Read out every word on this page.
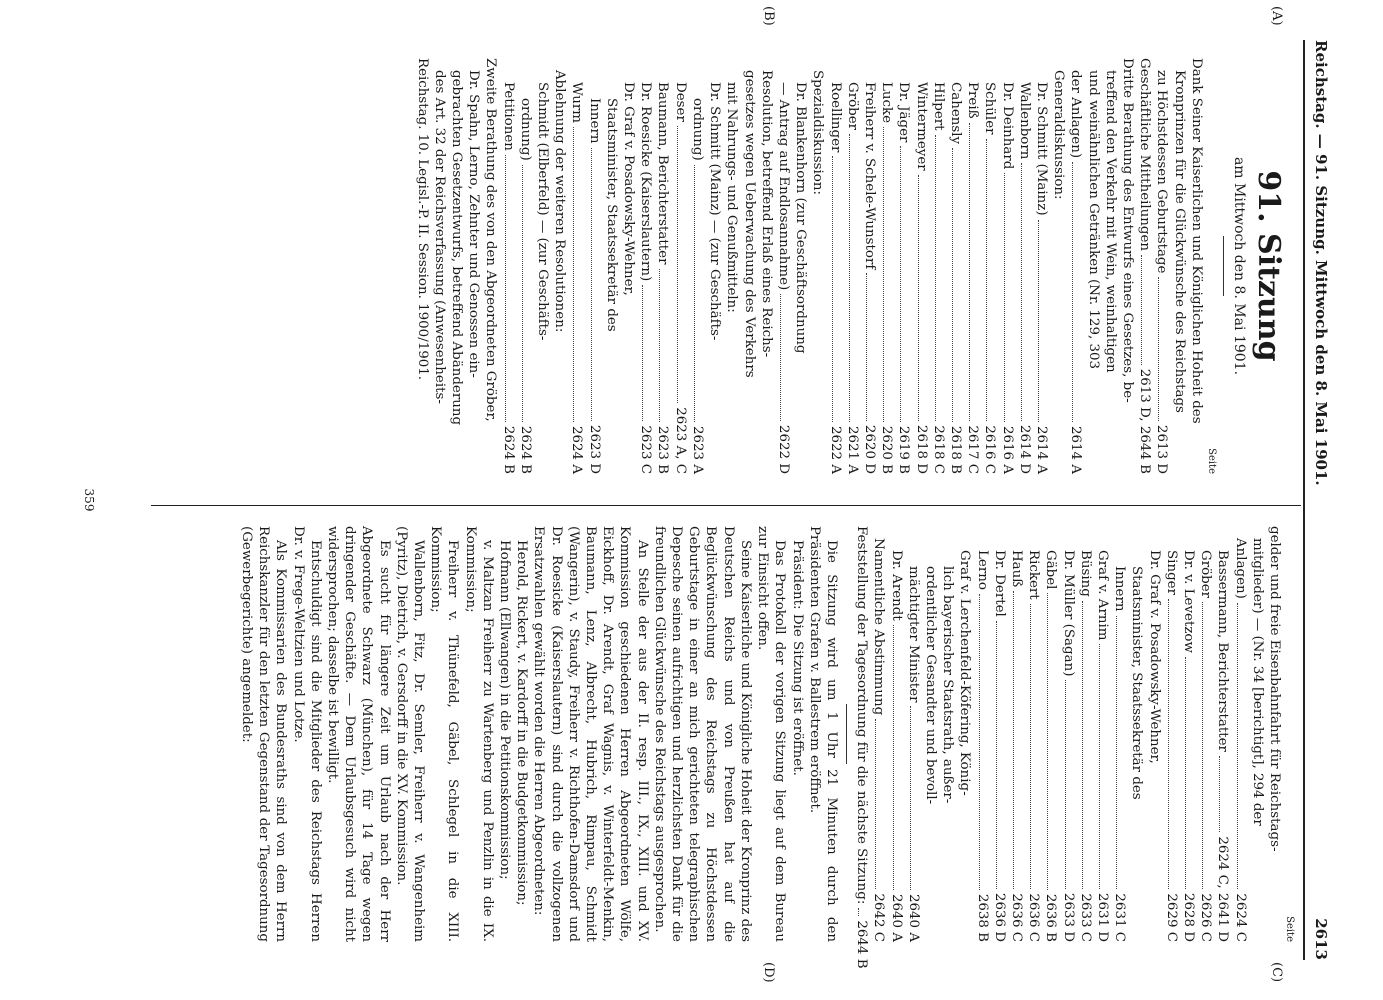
Reichstag. — 91. Sitzung. Mittwoch den 8. Mai 1901.
2613
(A)
(B)
(C)
(D)
91. Sitzung
am Mittwoch den 8. Mai 1901.
Seite
Dank Seiner Kaiserlichen und Königlichen Hoheit des
Kronprinzen für die Glückwünsche des Reichstags
zu Höchstdessen Geburtstage
2613 D
Geschäftliche Mittheilungen
2613 D, 2644 B
Dritte Berathung des Entwurfs eines Gesetzes, be-
treffend den Verkehr mit Wein, weinhaltigen
und weinähnlichen Getränken (Nr. 129, 303
der Anlagen)
2614 A
Generaldiskussion:
Dr. Schmitt (Mainz)
2614 A
Wallenborn
2614 D
Dr. Deinhard
2616 A
Schüler
2616 C
Preiß
2617 C
Cahensly
2618 B
Hilpert
2618 C
Wintermeyer
2618 D
Dr. Jäger
2619 B
Lucke
2620 B
Freiherr v. Schele-Wunstorf
2620 D
Gröber
2621 A
Roellinger
2622 A
Spezialdiskussion:
Dr. Blankenhorn (zur Geschäftsordnung
— Antrag auf Endlosannahme)
2622 D
Resolution, betreffend Erlaß eines Reichs-
gesetzes wegen Ueberwachung des Verkehrs
mit Nahrungs- und Genußmitteln:
Dr. Schmitt (Mainz) — (zur Geschäfts-
ordnung)
2623 A
Deser
2623 A, C
Baumann, Berichterstatter
2623 B
Dr. Roesicke (Kaiserslautern)
2623 C
Dr. Graf v. Posadowsky-Wehner,
Staatsminister, Staatssekretär des
Innern
2623 D
Wurm
2624 A
Ablehnung der weiteren Resolutionen:
Schmidt (Elberfeld) — (zur Geschäfts-
ordnung)
2624 B
Petitionen
2624 B
Zweite Berathung des von den Abgeordneten Gröber,
Dr. Spahn, Lerno, Zehnter und Genossen ein-
gebrachten Gesetzentwurfs, betreffend Abänderung
des Art. 32 der Reichsverfassung (Anwesenheits-
Reichstag. 10. Legisl.-P. II. Session. 1900/1901.
Seite
gelder und freie Eisenbahnfahrt für Reichstags-
mitglieder) — (Nr. 34 [berichtigt], 294 der
Anlagen)
2624 C
Bassermann, Berichterstatter
2624 C, 2641 D
Gröber
2626 C
Dr. v. Levetzow
2628 D
Singer
2629 C
Dr. Graf v. Posadowsky-Wehner,
Staatsminister, Staatssekretär des
Innern
2631 C
Graf v. Arnim
2631 D
Büsing
2633 C
Dr. Müller (Sagan)
2633 D
Gäbel
2636 B
Rickert
2636 C
Hauß
2636 C
Dr. Dertel
2636 D
Lerno
2638 B
Graf v. Lerchenfeld-Köfering, König-
lich bayerischer Staatsrath, außer-
ordentlicher Gesandter und bevoll-
mächtigter Minister
2640 A
Dr. Arendt
2640 A
Namentliche Abstimmung
2642 C
Feststellung der Tagesordnung für die nächste Sitzung:
2644 B
Die Sitzung wird um 1 Uhr 21 Minuten durch den Präsidenten Grafen v. Ballestrem eröffnet.
Präsident: Die Sitzung ist eröffnet.
Das Protokoll der vorigen Sitzung liegt auf dem Bureau zur Einsicht offen.
Seine Kaiserliche und Königliche Hoheit der Kronprinz des Deutschen Reichs und von Preußen hat auf die Beglückwünschung des Reichstags zu Höchstdessen Geburtstage in einer an mich gerichteten telegraphischen Depesche seinen aufrichtigen und herzlichsten Dank für die freundlichen Glückwünsche des Reichstags ausgesprochen.
An Stelle der aus der II. resp. III., IX., XIII. und XV. Kommission geschiedenen Herren Abgeordneten Wölfe, Eickhoff, Dr. Arendt, Graf Wagnis, v. Winterfeldt-Menkin, Baumann, Lenz, Albrecht, Hubrich, Rimpau, Schmidt (Wangerin), v. Staudy, Freiherr v. Richthofen-Damsdorf und Dr. Roesicke (Kaiserslautern) sind durch die vollzogenen Ersatzwahlen gewählt worden die Herren Abgeordneten:
Herold, Rickert, v. Kardorff in die Budgetkommission;
Hofmann (Ellwangen) in die Petitionskommission;
v. Maltzan Freiherr zu Wartenberg und Penzlin in die IX. Kommission;
Freiherr v. Thünefeld, Gäbel, Schlegel in die XIII. Kommission;
Wallenborn, Fitz, Dr. Semler, Freiherr v. Wangenheim (Pyritz), Dietrich, v. Gersdorff in die XV. Kommission.
Es sucht für längere Zeit um Urlaub nach der Herr Abgeordnete Schwarz (München), für 14 Tage wegen dringender Geschäfte. — Dem Urlaubsgesuch wird nicht widersprochen; dasselbe ist bewilligt.
Entschuldigt sind die Mitglieder des Reichstags Herren Dr. v. Frege-Weltzien und Lotze.
Als Kommissarien des Bundesraths sind von dem Herrn Reichskanzler für den letzten Gegenstand der Tagesordnung (Gewerbegerichte) angemeldet:
359
